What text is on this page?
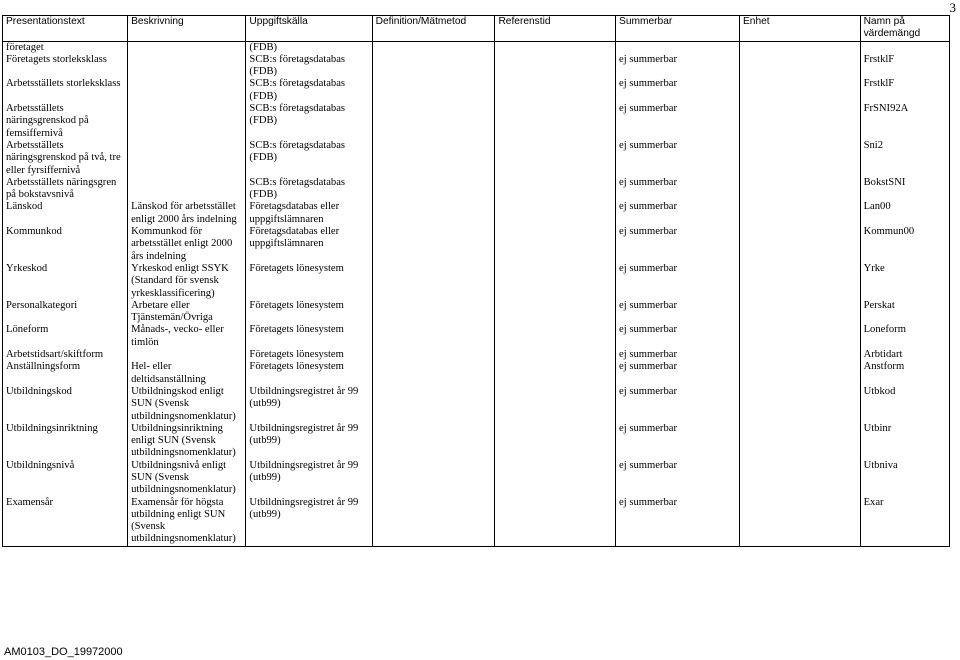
3
Presentationstext	Beskrivning	Uppgiftskälla	Definition/Mätmetod	Referenstid	Summerbar	Enhet	Namn på värdemängd
företaget		(FDB)					
Företagets storleksklass		SCB:s företagsdatabas (FDB)			ej summerbar		FrstklF
Arbetsställets storleksklass		SCB:s företagsdatabas (FDB)			ej summerbar		FrstklF
Arbetsställets näringsgrenskod på femsiffernivå		SCB:s företagsdatabas (FDB)			ej summerbar		FrSNI92A
Arbetsställets näringsgrenskod på två, tre eller fyrsiffernivå		SCB:s företagsdatabas (FDB)			ej summerbar		Sni2
Arbetsställets näringsgren på bokstavsnivå		SCB:s företagsdatabas (FDB)			ej summerbar		BokstSNI
Länskod	Länskod för arbetsstället enligt 2000 års indelning	Företagsdatabas eller uppgiftslämnaren			ej summerbar		Lan00
Kommunkod	Kommunkod för arbetsstället enligt 2000 års indelning	Företagsdatabas eller uppgiftslämnaren			ej summerbar		Kommun00
Yrkeskod	Yrkeskod enligt SSYK (Standard för svensk yrkesklassificering)	Företagets lönesystem			ej summerbar		Yrke
Personalkategori	Arbetare eller Tjänstemän/Övriga	Företagets lönesystem			ej summerbar		Perskat
Löneform	Månads-, vecko- eller timlön	Företagets lönesystem			ej summerbar		Loneform
Arbetstidsart/skiftform		Företagets lönesystem			ej summerbar		Arbtidart
Anställningsform	Hel- eller deltidsanställning	Företagets lönesystem			ej summerbar		Anstform
Utbildningskod	Utbildningskod enligt SUN (Svensk utbildningsnomenklatur)	Utbildningsregistret år 99 (utb99)			ej summerbar		Utbkod
Utbildningsinriktning	Utbildningsinriktning enligt SUN (Svensk utbildningsnomenklatur)	Utbildningsregistret år 99 (utb99)			ej summerbar		Utbinr
Utbildningsnivå	Utbildningsnivå enligt SUN (Svensk utbildningsnomenklatur)	Utbildningsregistret år 99 (utb99)			ej summerbar		Utbniva
Examensår	Examensår för högsta utbildning enligt SUN (Svensk utbildningsnomenklatur)	Utbildningsregistret år 99 (utb99)			ej summerbar		Exar
AM0103_DO_19972000
